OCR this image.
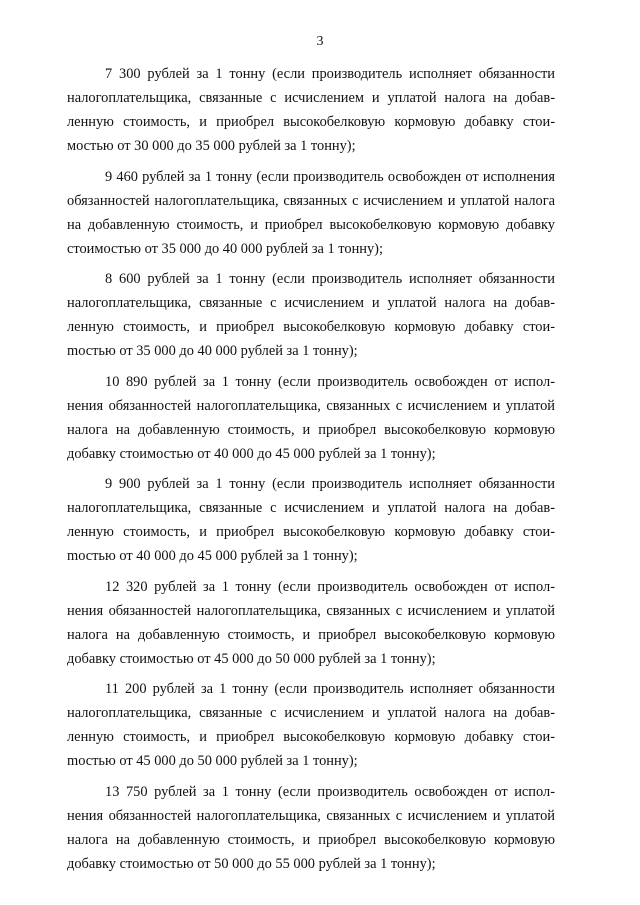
3

7 300 рублей за 1 тонну (если производитель исполняет обязанности налогоплательщика, связанные с исчислением и уплатой налога на добавленную стоимость, и приобрел высокобелковую кормовую добавку стоимостью от 30 000 до 35 000 рублей за 1 тонну);

9 460 рублей за 1 тонну (если производитель освобожден от исполнения обязанностей налогоплательщика, связанных с исчислением и уплатой налога на добавленную стоимость, и приобрел высокобелковую кормовую добавку стоимостью от 35 000 до 40 000 рублей за 1 тонну);

8 600 рублей за 1 тонну (если производитель исполняет обязанности налогоплательщика, связанные с исчислением и уплатой налога на добавленную стоимость, и приобрел высокобелковую кормовую добавку стоиmостью от 35 000 до 40 000 рублей за 1 тонну);

10 890 рублей за 1 тонну (если производитель освобожден от исполнения обязанностей налогоплательщика, связанных с исчислением и уплатой налога на добавленную стоимость, и приобрел высокобелковую кормовую добавку стоимостью от 40 000 до 45 000 рублей за 1 тонну);

9 900 рублей за 1 тонну (если производитель исполняет обязанности налогоплательщика, связанные с исчислением и уплатой налога на добавленную стоимость, и приобрел высокобелковую кормовую добавку стоиmостью от 40 000 до 45 000 рублей за 1 тонну);

12 320 рублей за 1 тонну (если производитель освобожден от исполнения обязанностей налогоплательщика, связанных с исчислением и уплатой налога на добавленную стоимость, и приобрел высокобелковую кормовую добавку стоимостью от 45 000 до 50 000 рублей за 1 тонну);

11 200 рублей за 1 тонну (если производитель исполняет обязанности налогоплательщика, связанные с исчислением и уплатой налога на добавленную стоимость, и приобрел высокобелковую кормовую добавку стоиmостью от 45 000 до 50 000 рублей за 1 тонну);

13 750 рублей за 1 тонну (если производитель освобожден от исполнения обязанностей налогоплательщика, связанных с исчислением и уплатой налога на добавленную стоимость, и приобрел высокобелковую кормовую добавку стоимостью от 50 000 до 55 000 рублей за 1 тонну);
